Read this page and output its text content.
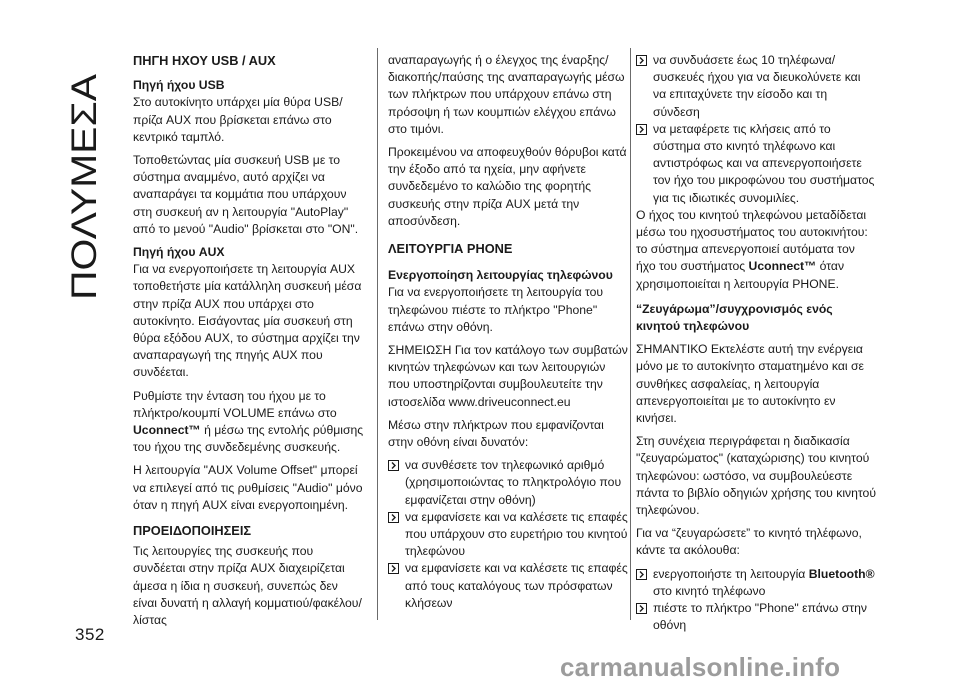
ΠΟΛΥΜΕΣΑ
352
ΠΗΓΗ ΗΧΟΥ USB / AUX
Πηγή ήχου USB

Στο αυτοκίνητο υπάρχει μία θύρα USB/πρίζα AUX που βρίσκεται επάνω στο κεντρικό ταμπλό.

Τοποθετώντας μία συσκευή USB με το σύστημα αναμμένο, αυτό αρχίζει να αναπαράγει τα κομμάτια που υπάρχουν στη συσκευή αν η λειτουργία "AutoPlay" από το μενού "Audio" βρίσκεται στο "ON".

Πηγή ήχου AUX

Για να ενεργοποιήσετε τη λειτουργία AUX τοποθετήστε μία κατάλληλη συσκευή μέσα στην πρίζα AUX που υπάρχει στο αυτοκίνητο. Εισάγοντας μία συσκευή στη θύρα εξόδου AUX, το σύστημα αρχίζει την αναπαραγωγή της πηγής AUX που συνδέεται.

Ρυθμίστε την ένταση του ήχου με το πλήκτρο/κουμπί VOLUME επάνω στο Uconnect™ ή μέσω της εντολής ρύθμισης του ήχου της συνδεδεμένης συσκευής.

Η λειτουργία "AUX Volume Offset" μπορεί να επιλεγεί από τις ρυθμίσεις "Audio" μόνο όταν η πηγή AUX είναι ενεργοποιημένη.

ΠΡΟΕΙΔΟΠΟΙΗΣΕΙΣ

Τις λειτουργίες της συσκευής που συνδέεται στην πρίζα AUX διαχειρίζεται άμεσα η ίδια η συσκευή, συνεπώς δεν είναι δυνατή η αλλαγή κομματιού/φακέλου/λίστας

αναπαραγωγής ή ο έλεγχος της έναρξης/διακοπής/παύσης της αναπαραγωγής μέσω των πλήκτρων που υπάρχουν επάνω στη πρόσοψη ή των κουμπιών ελέγχου επάνω στο τιμόνι.

Προκειμένου να αποφευχθούν θόρυβοι κατά την έξοδο από τα ηχεία, μην αφήνετε συνδεδεμένο το καλώδιο της φορητής συσκευής στην πρίζα AUX μετά την αποσύνδεση.

ΛΕΙΤΟΥΡΓΙΑ PHONE
Ενεργοποίηση λειτουργίας τηλεφώνου

Για να ενεργοποιήσετε τη λειτουργία του τηλεφώνου πιέστε το πλήκτρο "Phone" επάνω στην οθόνη.

ΣΗΜΕΙΩΣΗ Για τον κατάλογο των συμβατών κινητών τηλεφώνων και των λειτουργιών που υποστηρίζονται συμβουλευτείτε την ιστοσελίδα www.driveuconnect.eu

Μέσω στην πλήκτρων που εμφανίζονται στην οθόνη είναι δυνατόν:

να συνθέσετε τον τηλεφωνικό αριθμό (χρησιμοποιώντας το πληκτρολόγιο που εμφανίζεται στην οθόνη)
να εμφανίσετε και να καλέσετε τις επαφές που υπάρχουν στο ευρετήριο του κινητού τηλεφώνου
να εμφανίσετε και να καλέσετε τις επαφές από τους καταλόγους των πρόσφατων κλήσεων
να συνδυάσετε έως 10 τηλέφωνα/συσκευές ήχου για να διευκολύνετε και να επιταχύνετε την είσοδο και τη σύνδεση
να μεταφέρετε τις κλήσεις από το σύστημα στο κινητό τηλέφωνο και αντιστρόφως και να απενεργοποιήσετε τον ήχο του μικροφώνου του συστήματος για τις ιδιωτικές συνομιλίες.

Ο ήχος του κινητού τηλεφώνου μεταδίδεται μέσω του ηχοσυστήματος του αυτοκινήτου: το σύστημα απενεργοποιεί αυτόματα τον ήχο του συστήματος Uconnect™ όταν χρησιμοποιείται η λειτουργία PHONE.

“Ζευγάρωμα”/συγχρονισμός ενός κινητού τηλεφώνου

ΣΗΜΑΝΤΙΚΟ Εκτελέστε αυτή την ενέργεια μόνο με το αυτοκίνητο σταματημένο και σε συνθήκες ασφαλείας, η λειτουργία απενεργοποιείται με το αυτοκίνητο εν κινήσει.

Στη συνέχεια περιγράφεται η διαδικασία "ζευγαρώματος" (καταχώρισης) του κινητού τηλεφώνου: ωστόσο, να συμβουλεύεστε πάντα το βιβλίο οδηγιών χρήσης του κινητού τηλεφώνου.

Για να “ζευγαρώσετε” το κινητό τηλέφωνο, κάντε τα ακόλουθα:

ενεργοποιήστε τη λειτουργία Bluetooth® στο κινητό τηλέφωνο
πιέστε το πλήκτρο "Phone" επάνω στην οθόνη
carmanualsonline.info
